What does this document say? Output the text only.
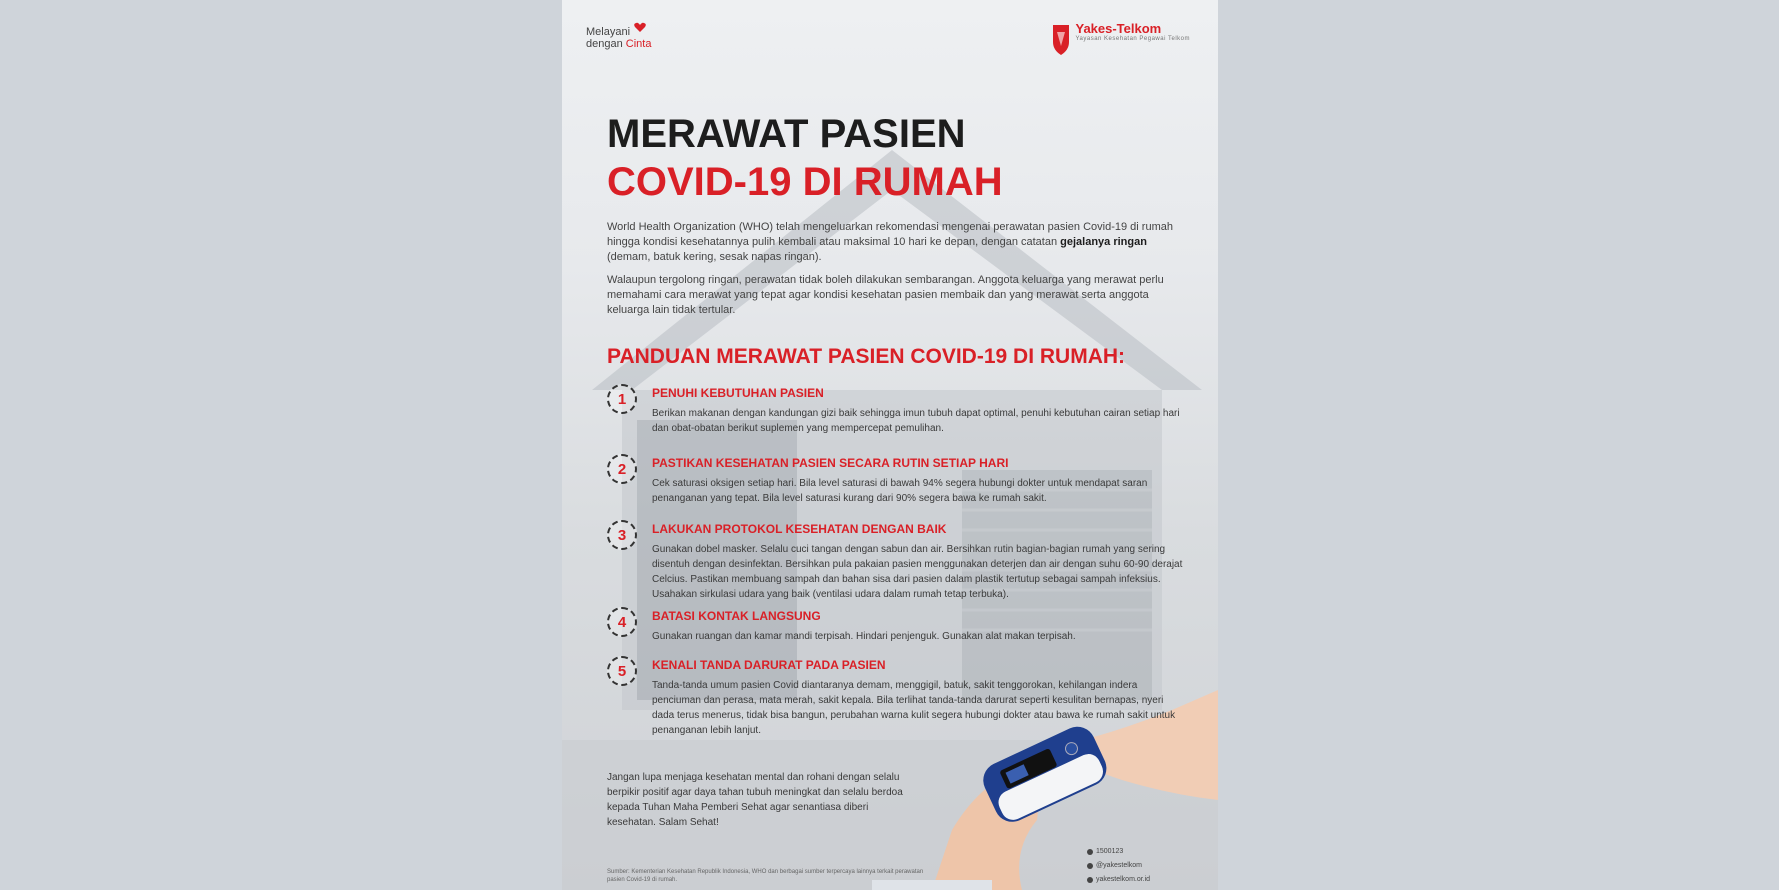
Melayani
dengan Cinta
Yakes-Telkom
Yayasan Kesehatan Pegawai Telkom
MERAWAT PASIEN
COVID-19 DI RUMAH

World Health Organization (WHO) telah mengeluarkan rekomendasi mengenai perawatan pasien Covid-19 di rumah hingga kondisi kesehatannya pulih kembali atau maksimal 10 hari ke depan, dengan catatan gejalanya ringan (demam, batuk kering, sesak napas ringan).

Walaupun tergolong ringan, perawatan tidak boleh dilakukan sembarangan. Anggota keluarga yang merawat perlu memahami cara merawat yang tepat agar kondisi kesehatan pasien membaik dan yang merawat serta anggota keluarga lain tidak tertular.

PANDUAN MERAWAT PASIEN COVID-19 DI RUMAH:
1	PENUHI KEBUTUHAN PASIEN
Berikan makanan dengan kandungan gizi baik sehingga imun tubuh dapat optimal, penuhi kebutuhan cairan setiap hari dan obat-obatan berikut suplemen yang mempercepat pemulihan.
2	PASTIKAN KESEHATAN PASIEN SECARA RUTIN SETIAP HARI
Cek saturasi oksigen setiap hari. Bila level saturasi di bawah 94% segera hubungi dokter untuk mendapat saran penanganan yang tepat. Bila level saturasi kurang dari 90% segera bawa ke rumah sakit.
3	LAKUKAN PROTOKOL KESEHATAN DENGAN BAIK
Gunakan dobel masker. Selalu cuci tangan dengan sabun dan air. Bersihkan rutin bagian-bagian rumah yang sering disentuh dengan desinfektan. Bersihkan pula pakaian pasien menggunakan deterjen dan air dengan suhu 60-90 derajat Celcius. Pastikan membuang sampah dan bahan sisa dari pasien dalam plastik tertutup sebagai sampah infeksius. Usahakan sirkulasi udara yang baik (ventilasi udara dalam rumah tetap terbuka).
4	BATASI KONTAK LANGSUNG
Gunakan ruangan dan kamar mandi terpisah. Hindari penjenguk. Gunakan alat makan terpisah.
5	KENALI TANDA DARURAT PADA PASIEN
Tanda-tanda umum pasien Covid diantaranya demam, menggigil, batuk, sakit tenggorokan, kehilangan indera penciuman dan perasa, mata merah, sakit kepala. Bila terlihat tanda-tanda darurat seperti kesulitan bernapas, nyeri dada terus menerus, tidak bisa bangun, perubahan warna kulit segera hubungi dokter atau bawa ke rumah sakit untuk penanganan lebih lanjut.
Jangan lupa menjaga kesehatan mental dan rohani dengan selalu berpikir positif agar daya tahan tubuh meningkat dan selalu berdoa kepada Tuhan Maha Pemberi Sehat agar senantiasa diberi kesehatan. Salam Sehat!
Sumber: Kementerian Kesehatan Republik Indonesia, WHO dan berbagai sumber terpercaya lainnya terkait perawatan pasien Covid-19 di rumah.
1500123
@yakestelkom
yakestelkom.or.id
